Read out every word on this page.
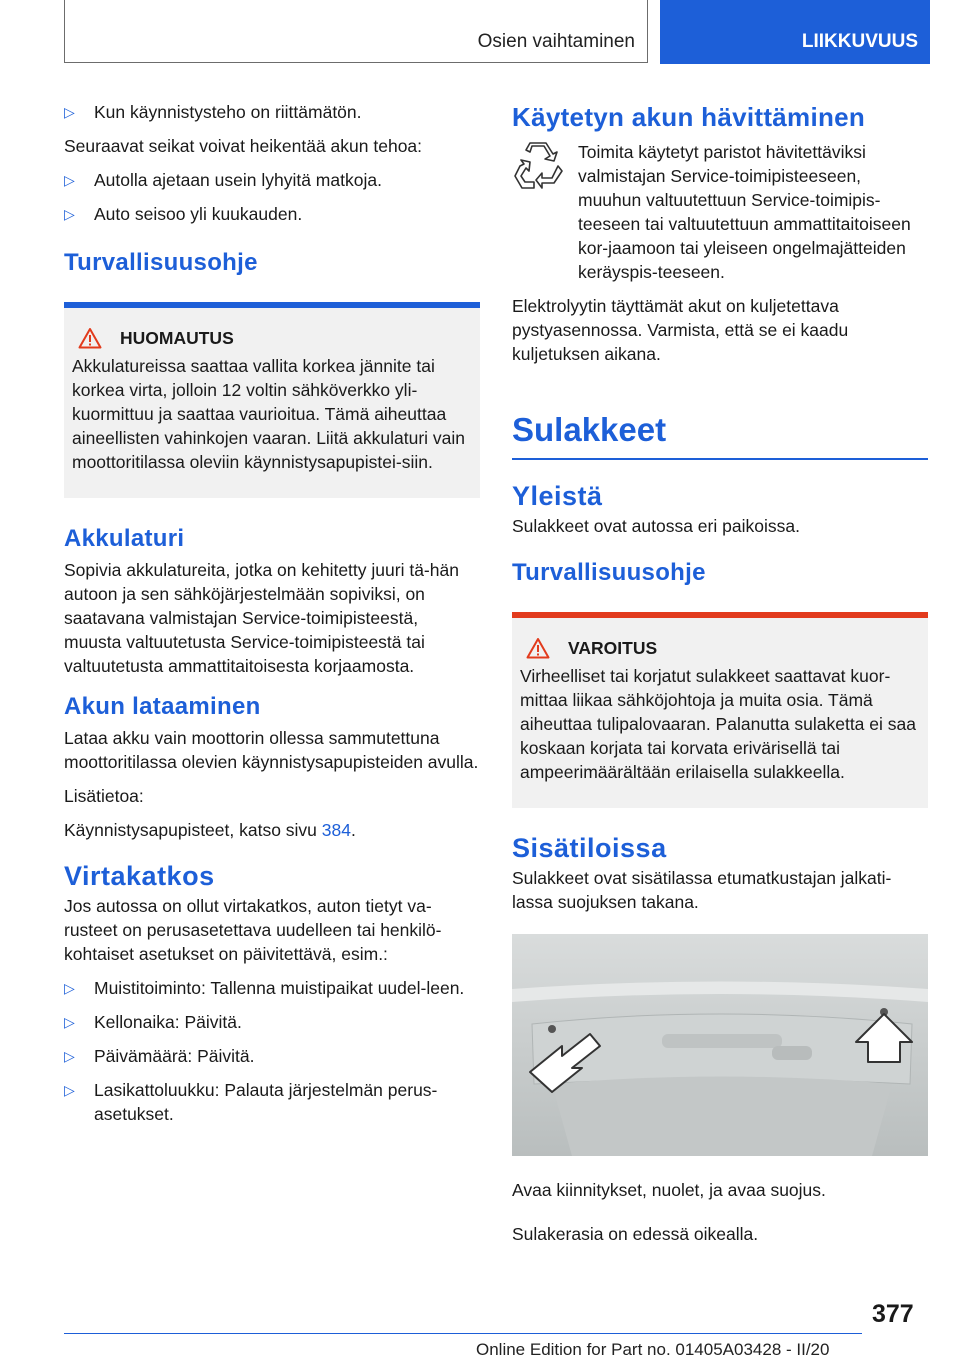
Osien vaihtaminen	LIIKKUVUUS
▷ Kun käynnistysteho on riittämätön.

Seuraavat seikat voivat heikentää akun tehoa:

▷ Autolla ajetaan usein lyhyitä matkoja.
▷ Auto seisoo yli kuukauden.
Turvallisuusohje
HUOMAUTUS
Akkulatureissa saattaa vallita korkea jännite tai korkea virta, jolloin 12 voltin sähköverkko yli-kuormittuu ja saattaa vaurioitua. Tämä aiheuttaa aineellisten vahinkojen vaaran. Liitä akkulaturi vain moottoritilassa oleviin käynnistysapupistei-siin.
Akkulaturi

Sopivia akkulatureita, jotka on kehitetty juuri tä-hän autoon ja sen sähköjärjestelmään sopiviksi, on saatavana valmistajan Service-toimipisteestä, muusta valtuutetusta Service-toimipisteestä tai valtuutetusta ammattitaitoisesta korjaamosta.

Akun lataaminen

Lataa akku vain moottorin ollessa sammutettuna moottoritilassa olevien käynnistysapupisteiden avulla.

Lisätietoa:

Käynnistysapupisteet, katso sivu 384.

Virtakatkos

Jos autossa on ollut virtakatkos, auton tietyt va-rusteet on perusasetettava uudelleen tai henkilö-kohtaiset asetukset on päivitettävä, esim.:

▷ Muistitoiminto: Tallenna muistipaikat uudel-leen.
▷ Kellonaika: Päivitä.
▷ Päivämäärä: Päivitä.
▷ Lasikattoluukku: Palauta järjestelmän perus-asetukset.
Käytetyn akun hävittäminen
Toimita käytetyt paristot hävitettäviksi valmistajan Service-toimipisteeseen, muuhun valtuutettuun Service-toimipis-teeseen tai valtuutettuun ammattitaitoiseen kor-jaamoon tai yleiseen ongelmajätteiden keräyspis-teeseen.

Elektrolyytin täyttämät akut on kuljetettava pystyasennossa. Varmista, että se ei kaadu kuljetuksen aikana.

Sulakkeet
Yleistä

Sulakkeet ovat autossa eri paikoissa.

Turvallisuusohje
VAROITUS
Virheelliset tai korjatut sulakkeet saattavat kuor-mittaa liikaa sähköjohtoja ja muita osia. Tämä aiheuttaa tulipalovaaran. Palanutta sulaketta ei saa koskaan korjata tai korvata erivärisellä tai ampeerimäärältään erilaisella sulakkeella.
Sisätiloissa

Sulakkeet ovat sisätilassa etumatkustajan jalkati-lassa suojuksen takana.

Avaa kiinnitykset, nuolet, ja avaa suojus.

Sulakerasia on edessä oikealla.

377
Online Edition for Part no. 01405A03428 - II/20
